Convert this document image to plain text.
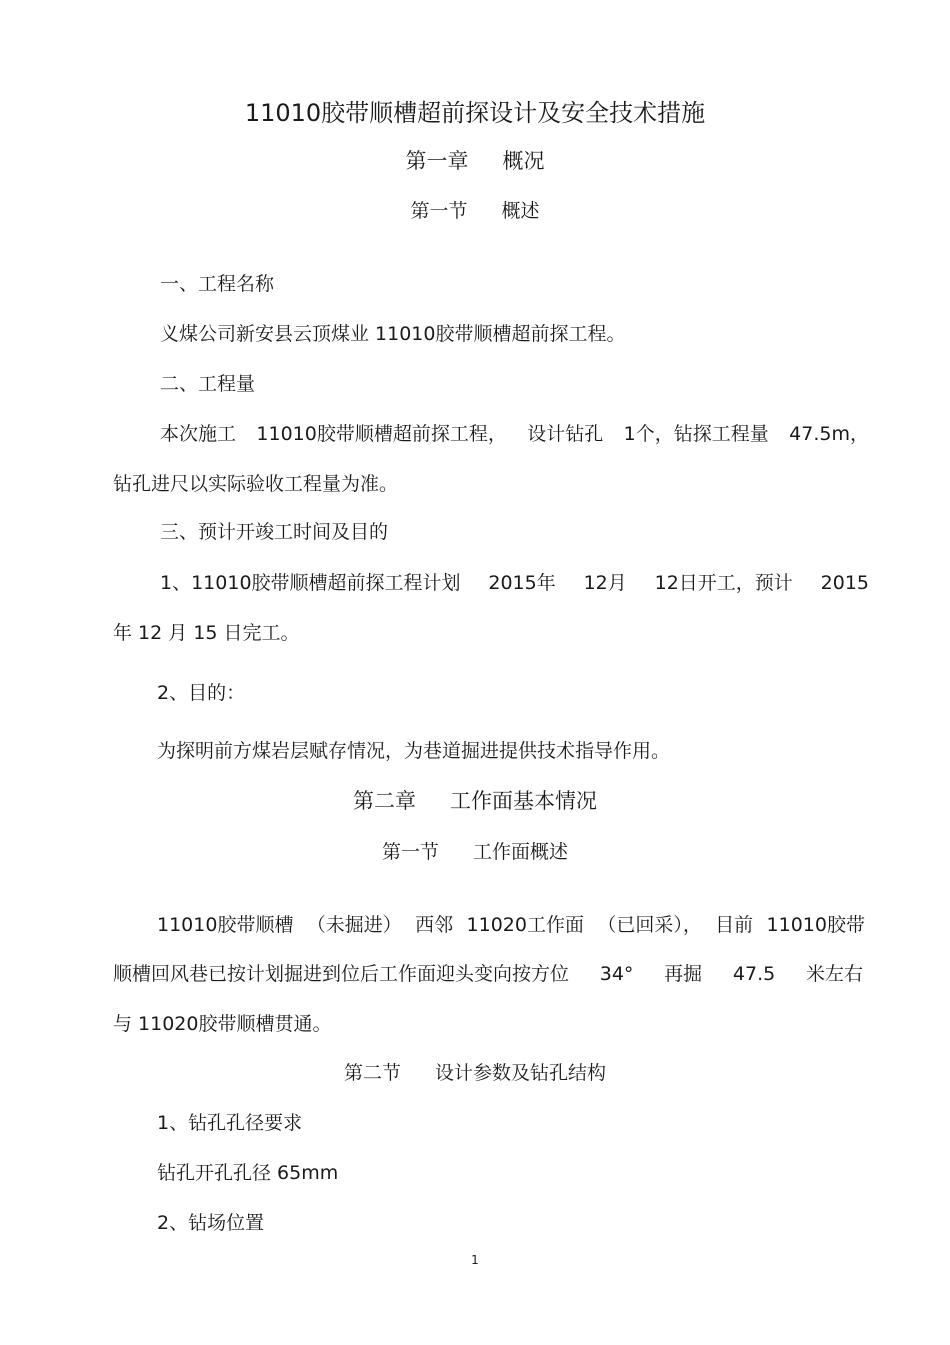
11010胶带顺槽超前探设计及安全技术措施
第一章 概况
第一节 概述
一、工程名称
义煤公司新安县云顶煤业 11010胶带顺槽超前探工程。
二、工程量
本次施工 11010胶带顺槽超前探工程， 设计钻孔 1个，钻探工程量 47.5m，
钻孔进尺以实际验收工程量为准。
三、预计开竣工时间及目的
1、11010胶带顺槽超前探工程计划 2015年 12月 12日开工，预计 2015
年 12 月 15 日完工。
2、目的：
为探明前方煤岩层赋存情况，为巷道掘进提供技术指导作用。
第二章 工作面基本情况
第一节 工作面概述
11010胶带顺槽 （未掘进） 西邻 11020工作面 （已回采）， 目前 11010胶带
顺槽回风巷已按计划掘进到位后工作面迎头变向按方位 34° 再掘 47.5 米左右
与 11020胶带顺槽贯通。
第二节 设计参数及钻孔结构
1、钻孔孔径要求
钻孔开孔孔径 65mm
2、钻场位置
1
